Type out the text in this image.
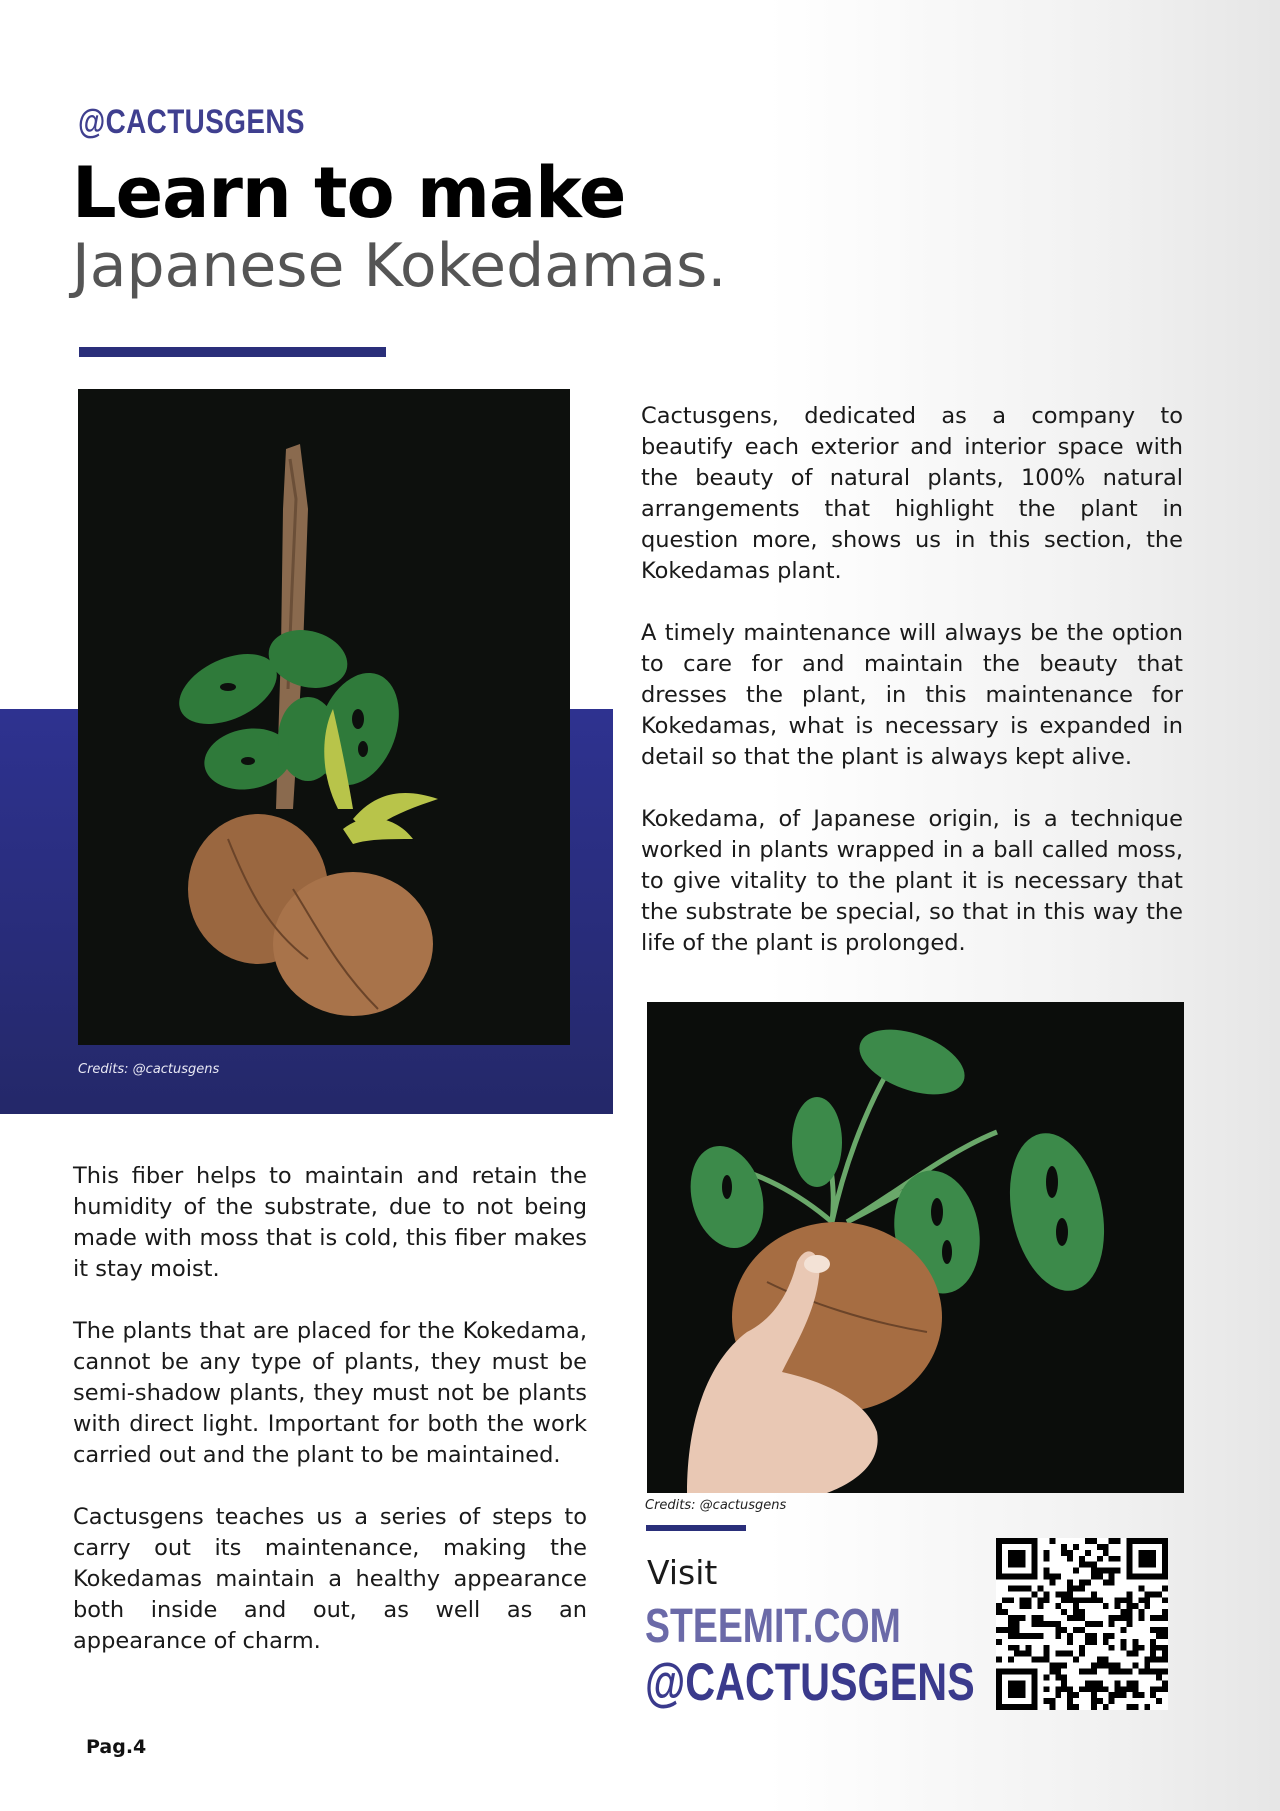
@CACTUSGENS
Learn to make
Japanese Kokedamas.
Credits: @cactusgens

Cactusgens, dedicated as a company to beautify each exterior and interior space with the beauty of natural plants, 100% natural arrangements that highlight the plant in question more, shows us in this section, the Kokedamas plant.

A timely maintenance will always be the option to care for and maintain the beauty that dresses the plant, in this maintenance for Kokedamas, what is necessary is expanded in detail so that the plant is always kept alive.

Kokedama, of Japanese origin, is a technique worked in plants wrapped in a ball called moss, to give vitality to the plant it is necessary that the substrate be special, so that in this way the life of the plant is prolonged.

Credits: @cactusgens

This fiber helps to maintain and retain the humidity of the substrate, due to not being made with moss that is cold, this fiber makes it stay moist.

The plants that are placed for the Kokedama, cannot be any type of plants, they must be semi-shadow plants, they must not be plants with direct light. Important for both the work carried out and the plant to be maintained.

Cactusgens teaches us a series of steps to carry out its maintenance, making the Kokedamas maintain a healthy appearance both inside and out, as well as an appearance of charm.

Visit
STEEMIT.COM
@CACTUSGENS
Pag.4
